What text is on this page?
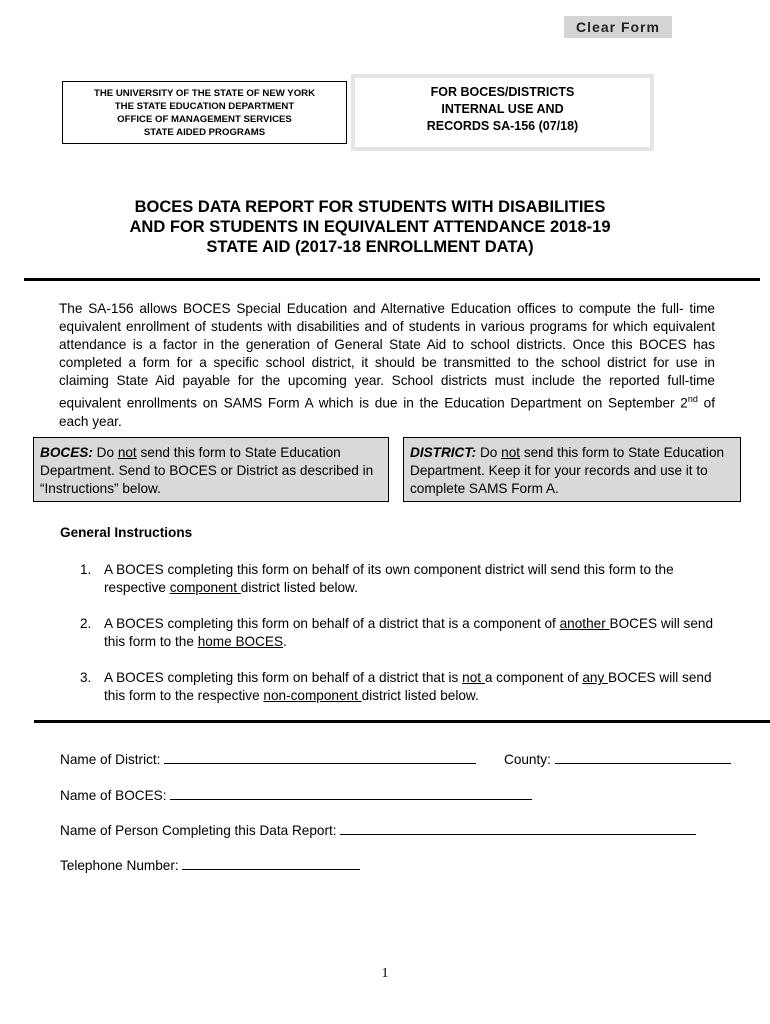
Clear Form
THE UNIVERSITY OF THE STATE OF NEW YORK
THE STATE EDUCATION DEPARTMENT
OFFICE OF MANAGEMENT SERVICES
STATE AIDED PROGRAMS
FOR BOCES/DISTRICTS
INTERNAL USE AND
RECORDS SA-156 (07/18)
BOCES DATA REPORT FOR STUDENTS WITH DISABILITIES
AND FOR STUDENTS IN EQUIVALENT ATTENDANCE 2018-19
STATE AID (2017-18 ENROLLMENT DATA)
The SA-156 allows BOCES Special Education and Alternative Education offices to compute the full- time equivalent enrollment of students with disabilities and of students in various programs for which equivalent attendance is a factor in the generation of General State Aid to school districts. Once this BOCES has completed a form for a specific school district, it should be transmitted to the school district for use in claiming State Aid payable for the upcoming year. School districts must include the reported full-time equivalent enrollments on SAMS Form A which is due in the Education Department on September 2nd of each year.
BOCES: Do not send this form to State Education Department. Send to BOCES or District as described in “Instructions” below.
DISTRICT: Do not send this form to State Education Department. Keep it for your records and use it to complete SAMS Form A.
General Instructions
1. A BOCES completing this form on behalf of its own component district will send this form to the respective component district listed below.
2. A BOCES completing this form on behalf of a district that is a component of another BOCES will send this form to the home BOCES.
3. A BOCES completing this form on behalf of a district that is not a component of any BOCES will send this form to the respective non-component district listed below.
Name of District:	County:
Name of BOCES:
Name of Person Completing this Data Report:
Telephone Number:
1
